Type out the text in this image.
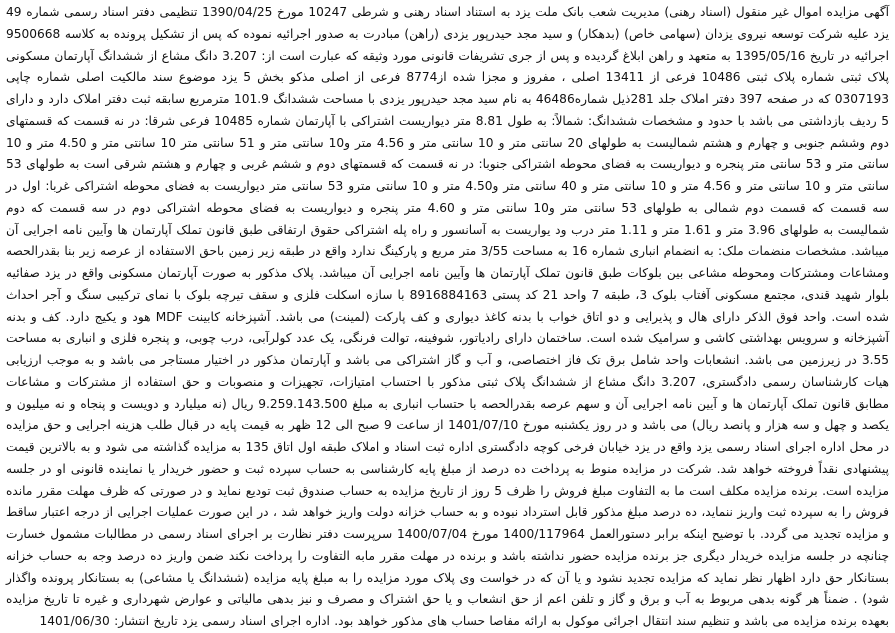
آگهی مزایده اموال غیر منقول (اسناد رهنی) مدیریت شعب بانک ملت یزد به استناد اسناد رهنی و شرطی 10247 مورخ 1390/04/25 تنظیمی دفتر اسناد رسمی شماره 49 یزد علیه شرکت توسعه نیروی یزدان (سهامی خاص) (بدهکار) و سید مجد حیدرپور یزدی (راهن) مبادرت به صدور اجرائیه نموده که پس از تشکیل پرونده به کلاسه 9500668 اجرائیه در تاریخ 1395/05/16 به متعهد و راهن ابلاغ گردیده و پس از جری تشریفات قانونی مورد وثیقه که عبارت است از: 3.207 دانگ مشاع از ششدانگ آپارتمان مسکونی پلاک ثبتی شماره پلاک ثبتی 10486 فرعی از 13411 اصلی ، مفروز و مجزا شده از8774 فرعی از اصلی مذکو بخش 5 یزد موضوع سند مالکیت اصلی شماره چاپی 0307193 که در صفحه 397 دفتر املاک جلد 281ذیل شماره46486 به نام سید مجد حیدرپور یزدی با مساحت ششدانگ 101.9 مترمربع سابقه ثبت دفتر املاک دارد و دارای 5 ردیف بازداشتی می باشد با حدود و مشخصات ششدانگ: شمالاً: به طول 8.81 متر دیواریست اشتراکی با آپارتمان شماره 10485 فرعی شرقا: در نه قسمت که قسمتهای دوم وششم جنوبی و چهارم و هشتم شمالیست به طولهای 20 سانتی متر و 10 سانتی متر و 4.56 متر و10 سانتی متر و 51 سانتی متر 10 سانتی متر و 4.50 متر و 10 سانتی متر و 53 سانتی متر پنجره و دیواریست به فضای محوطه اشتراکی جنوبا: در نه قسمت که قسمتهای دوم و ششم غربی و چهارم و هشتم شرقی است به طولهای 53 سانتی متر و 10 سانتی متر و 4.56 متر و 10 سانتی متر و 40 سانتی متر و4.50 متر و 10 سانتی مترو 53 سانتی متر دیواریست به فضای محوطه اشتراکی غربا: اول در سه قسمت که قسمت دوم شمالی به طولهای 53 سانتی متر و10 سانتی متر و 4.60 متر پنجره و دیواریست به فضای محوطه اشتراکی دوم در سه قسمت که دوم شمالیست به طولهای 3.96 متر و 1.61 متر و 1.11 متر درب ود یواریست به آسانسور و راه پله اشتراکی حقوق ارتفاقی طبق قانون تملک آپارتمان ها وآیین نامه اجرایی آن میباشد. مشخصات منضمات ملک: به انضمام انباری شماره 16 به مساحت 3/55 متر مربع و پارکینگ ندارد واقع در طبقه زیر زمین باحق الاستفاده از عرصه زیر بنا بقدرالحصه ومشاعات ومشترکات ومحوطه مشاعی بین بلوکات طبق قانون تملک آپارتمان ها وآیین نامه اجرایی آن میباشد. پلاک مذکور به صورت آپارتمان مسکونی واقع در یزد صفائیه بلوار شهید قندی، مجتمع مسکونی آفتاب بلوک 3، طبقه 7 واحد 21 کد پستی 8916884163 با سازه اسکلت فلزی و سقف تیرچه بلوک با نمای ترکیبی سنگ و آجر احداث شده است. واحد فوق الذکر دارای هال و پذیرایی و دو اتاق خواب با بدنه کاغذ دیواری و کف پارکت (لمینت) می باشد. آشپزخانه کابینت MDF هود و یکیج دارد. کف و بدنه آشپزخانه و سرویس بهداشتی کاشی و سرامیک شده است. ساختمان دارای رادیاتور، شوفینه، توالت فرنگی، یک عدد کولرآبی، درب چوبی، و پنجره فلزی و انباری به مساحت 3.55 در زیرزمین می باشد. انشعابات واحد شامل برق تک فاز اختصاصی، و آب و گاز اشتراکی می باشد و آپارتمان مذکور در اختیار مستاجر می باشد و به موجب ارزیابی هیات کارشناسان رسمی دادگستری، 3.207 دانگ مشاع از ششدانگ پلاک ثبتی مذکور با احتساب امتیازات، تجهیزات و منصوبات و حق استفاده از مشترکات و مشاعات مطابق قانون تملک آپارتمان ها و آیین نامه اجرایی آن و سهم عرصه بقدرالحصه با حتساب انباری به مبلغ 9.259.143.500 ریال (نه میلیارد و دویست و پنجاه و نه میلیون و یکصد و چهل و سه هزار و پانصد ریال) می باشد و در روز یکشنبه مورخ 1401/07/10 از ساعت 9 صبح الی 12 ظهر به قیمت پایه در قبال طلب هزینه اجرایی و حق مزایده در محل اداره اجرای اسناد رسمی یزد واقع در یزد خیابان فرخی کوچه دادگستری اداره ثبت اسناد و املاک طبقه اول اتاق 135 به مزایده گذاشته می شود و به بالاترین قیمت پیشنهادی نقداً فروخته خواهد شد. شرکت در مزایده منوط به پرداخت ده درصد از مبلغ پایه کارشناسی به حساب سپرده ثبت و حضور خریدار یا نماینده قانونی او در جلسه مزایده است. برنده مزایده مکلف است ما به التفاوت مبلغ فروش را ظرف 5 روز از تاریخ مزایده به حساب صندوق ثبت تودیع نماید و در صورتی که ظرف مهلت مقرر مانده فروش را به سپرده ثبت واریز ننماید، ده درصد مبلغ مذکور قابل استرداد نبوده و به حساب خزانه دولت واریز خواهد شد ، در این صورت عملیات اجرایی از درجه اعتبار ساقط و مزایده تجدید می گردد. با توضیح اینکه برابر دستورالعمل 1400/117964 مورخ 1400/07/04 سرپرست دفتر نظارت بر اجرای اسناد رسمی در مطالبات مشمول خسارت چنانچه در جلسه مزایده خریدار دیگری جز برنده مزایده حضور نداشته باشد و برنده در مهلت مقرر مابه التفاوت را پرداخت نکند ضمن واریز ده درصد وجه به حساب خزانه بستانکار حق دارد اظهار نظر نماید که مزایده تجدید نشود و یا آن که در خواست وی پلاک مورد مزایده را به مبلغ پایه مزایده (ششدانگ یا مشاعی) به بستانکار پرونده واگذار شود) . ضمناً هر گونه بدهی مربوط به آب و برق و گاز و تلفن اعم از حق انشعاب و یا حق اشتراک و مصرف و نیز بدهی مالیاتی و عوارض شهرداری و غیره تا تاریخ مزایده بعهده برنده مزایده می باشد و تنظیم سند انتقال اجرائی موکول به ارائه مفاصا حساب های مذکور خواهد بود. اداره اجرای اسناد رسمی یزد تاریخ انتشار: 1401/06/30
